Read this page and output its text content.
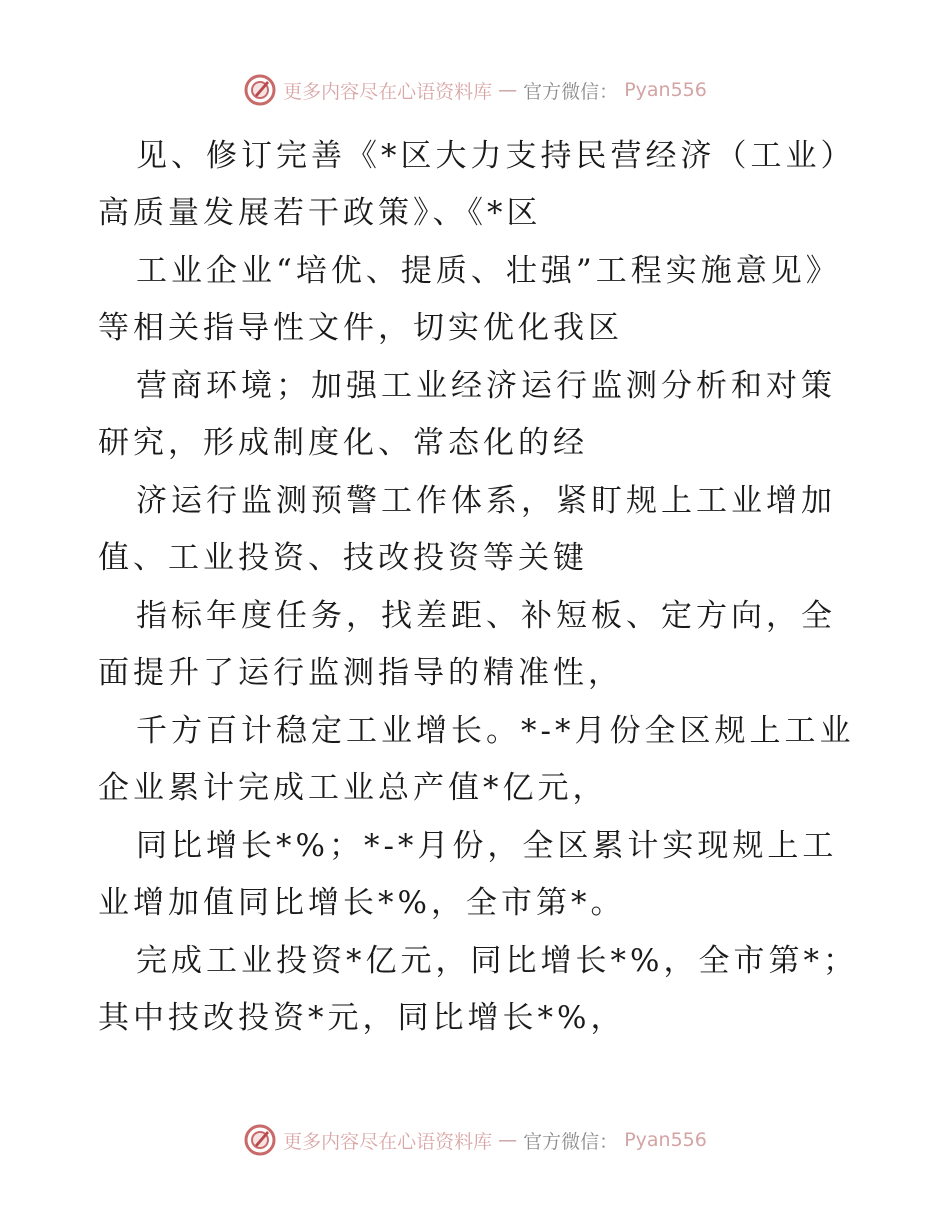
更多内容尽在心语资料库 — 官方微信： Pyan556

见、修订完善《*区大力支持民营经济（工业）高质量发展若干政策》、《*区

工业企业“培优、提质、壮强”工程实施意见》等相关指导性文件，切实优化我区

营商环境；加强工业经济运行监测分析和对策研究，形成制度化、常态化的经

济运行监测预警工作体系，紧盯规上工业增加值、工业投资、技改投资等关键

指标年度任务，找差距、补短板、定方向，全面提升了运行监测指导的精准性，

千方百计稳定工业增长。*-*月份全区规上工业企业累计完成工业总产值*亿元，

同比增长*%；*-*月份，全区累计实现规上工业增加值同比增长*%，全市第*。

完成工业投资*亿元，同比增长*%，全市第*；其中技改投资*元，同比增长*%，

更多内容尽在心语资料库 — 官方微信： Pyan556
